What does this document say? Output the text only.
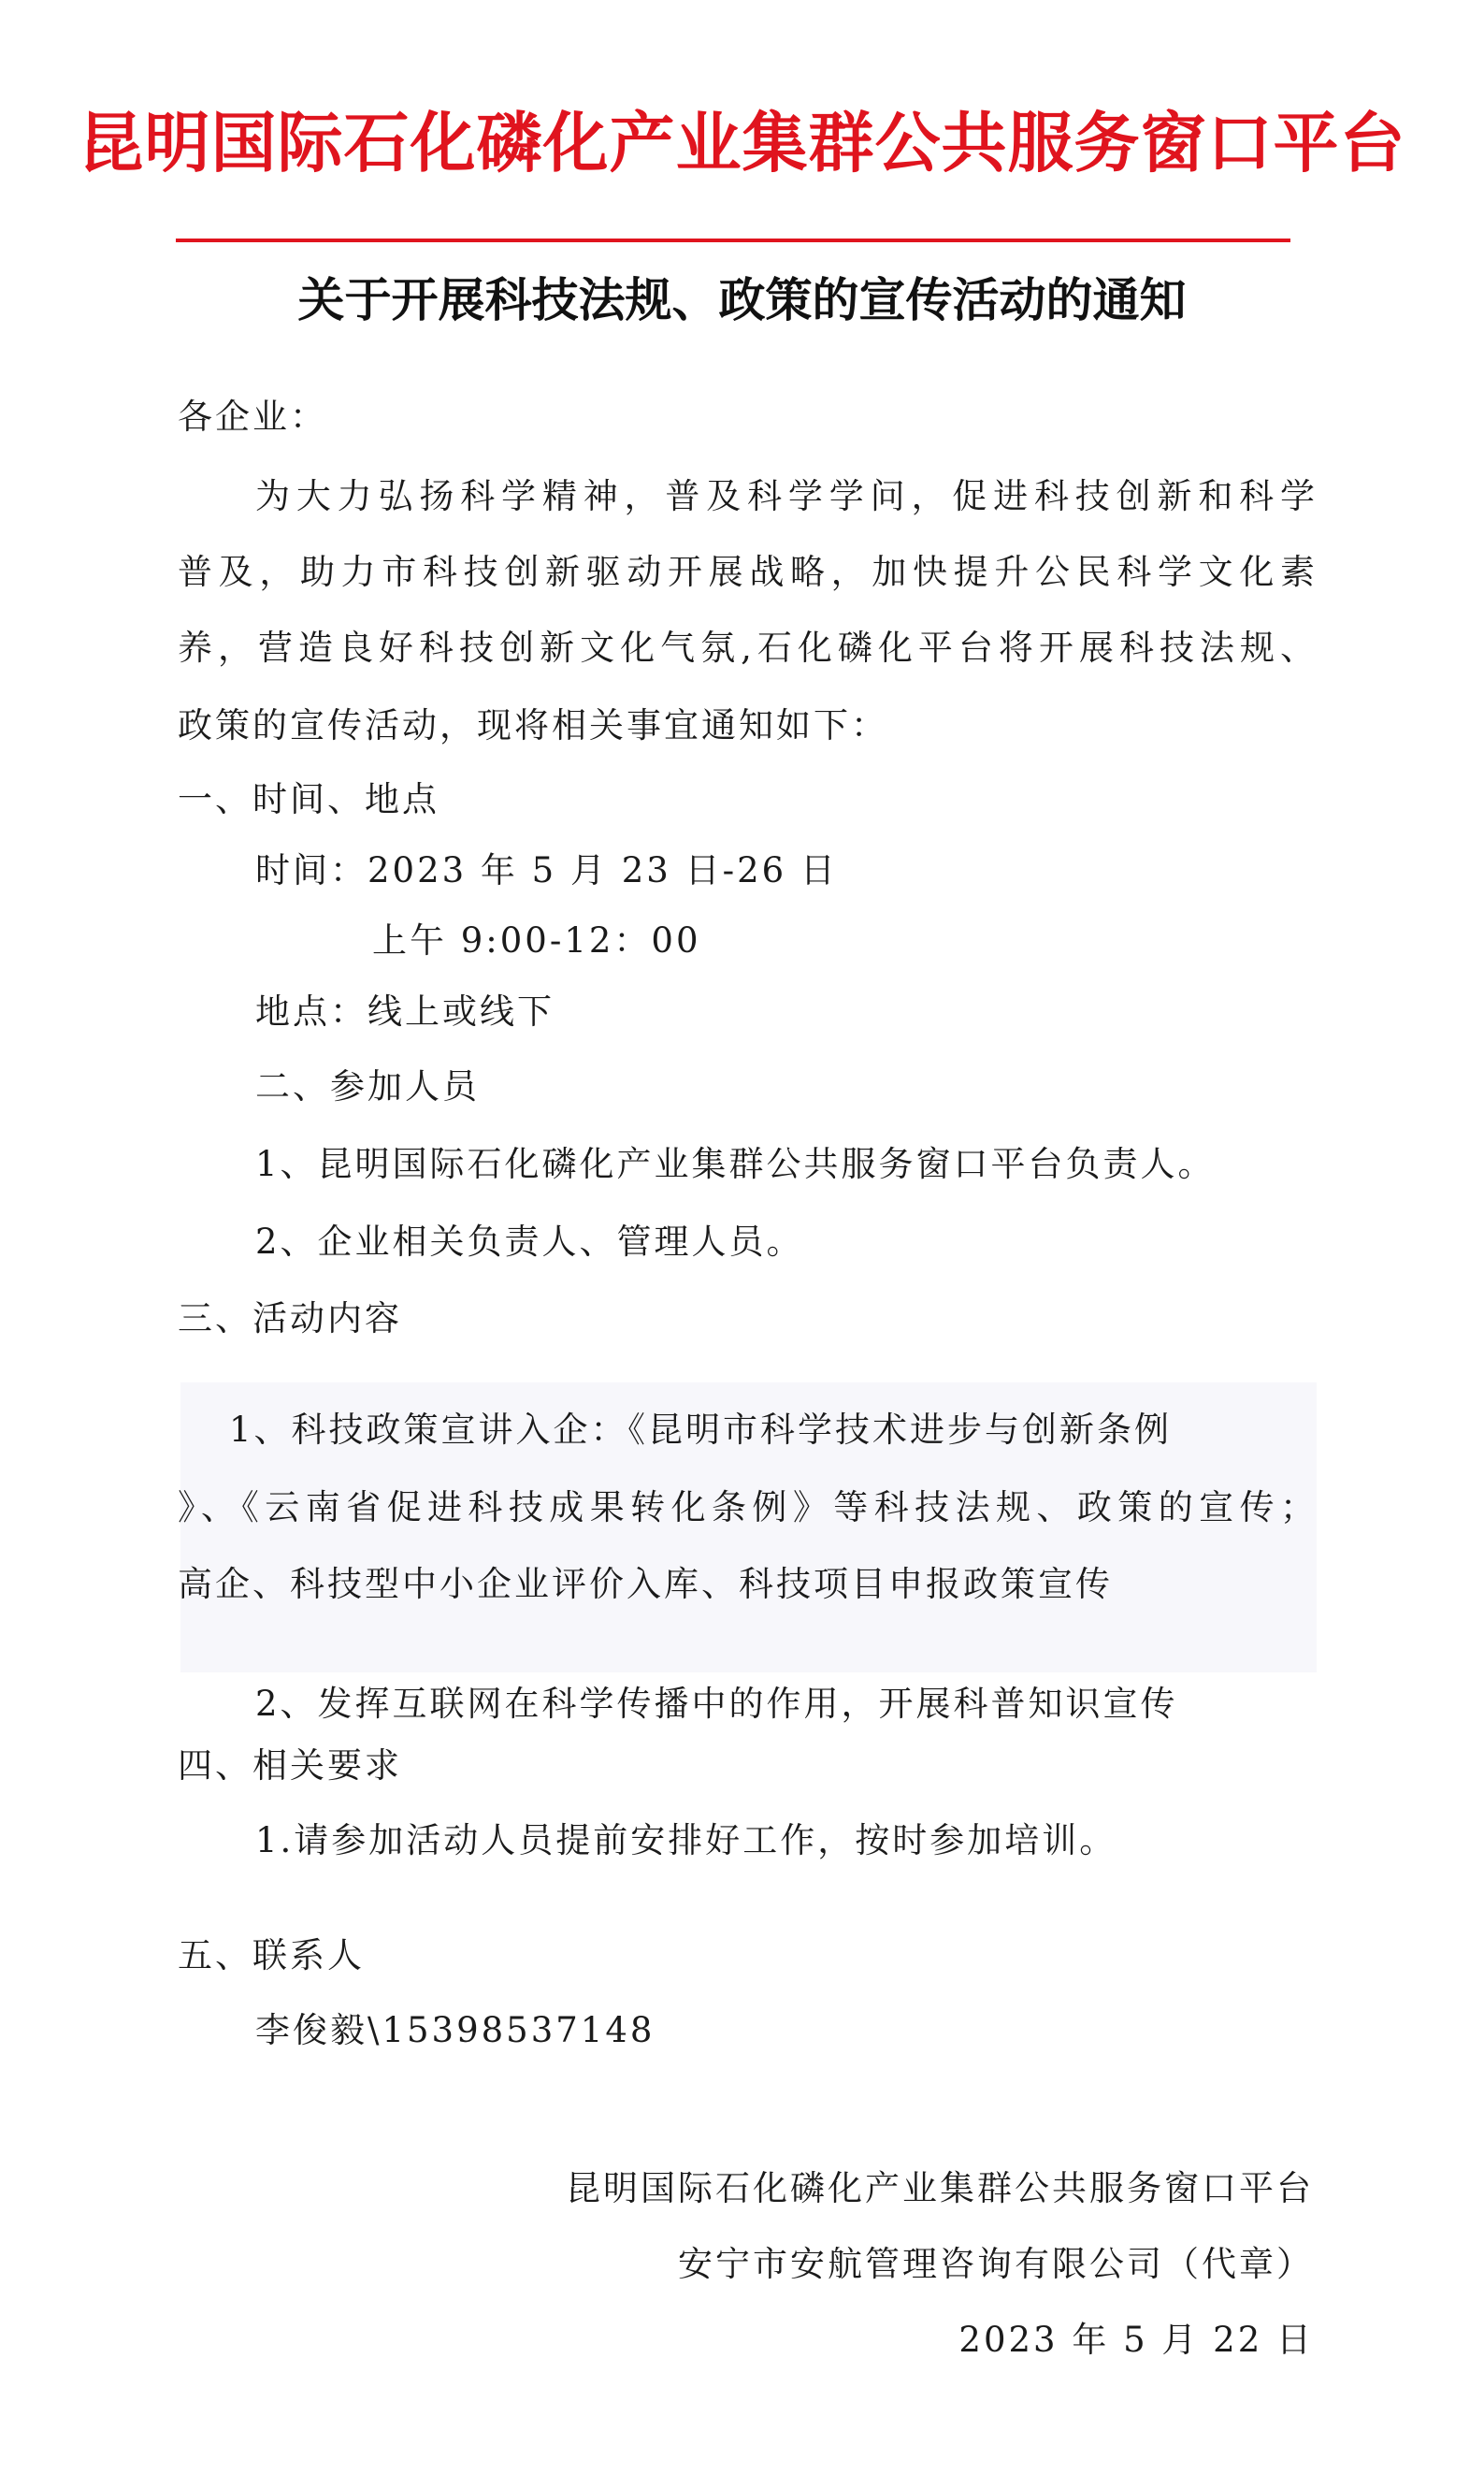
昆明国际石化磷化产业集群公共服务窗口平台
关于开展科技法规、政策的宣传活动的通知
各企业：
为大力弘扬科学精神，普及科学学问，促进科技创新和科学
普及，助力市科技创新驱动开展战略，加快提升公民科学文化素
养，营造良好科技创新文化气氛,石化磷化平台将开展科技法规、
政策的宣传活动，现将相关事宜通知如下：
一、时间、地点
时间：2023 年 5 月 23 日-26 日
上午 9:00-12：00
地点：线上或线下
二、参加人员
1、昆明国际石化磷化产业集群公共服务窗口平台负责人。
2、企业相关负责人、管理人员。
三、活动内容
1、科技政策宣讲入企：《昆明市科学技术进步与创新条例
》、《云南省促进科技成果转化条例》等科技法规、政策的宣传；
高企、科技型中小企业评价入库、科技项目申报政策宣传
2、发挥互联网在科学传播中的作用，开展科普知识宣传
四、相关要求
1.请参加活动人员提前安排好工作，按时参加培训。
五、联系人
李俊毅\15398537148
昆明国际石化磷化产业集群公共服务窗口平台
安宁市安航管理咨询有限公司（代章）
2023 年 5 月 22 日
